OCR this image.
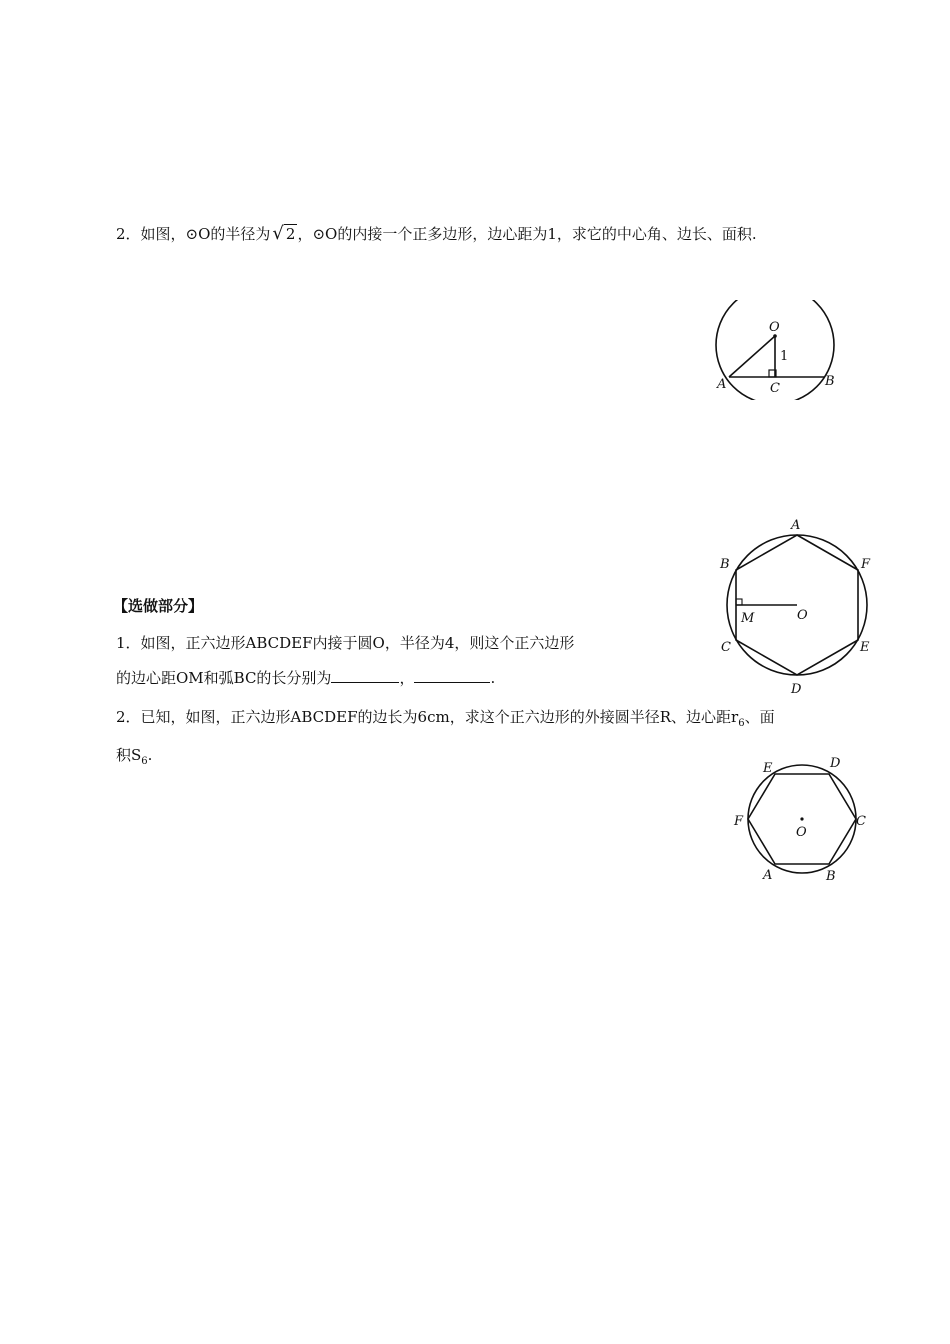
2．如图，⊙O的半径为 √ 2 ，⊙O的内接一个正多边形，边心距为1，求它的中心角、边长、面积.
O
1
A	C	B
A
F
E
D
C
B
M	O
【选做部分】
1．如图，正六边形ABCDEF内接于圆O，半径为4，则这个正六边形
的边心距OM和弧BC的长分别为	，	.
2．已知，如图，正六边形ABCDEF的边长为6cm，求这个正六边形的外接圆半径R、边心距$r_6$、面
积$S_6$.
E	D
C
B
A
F
O
